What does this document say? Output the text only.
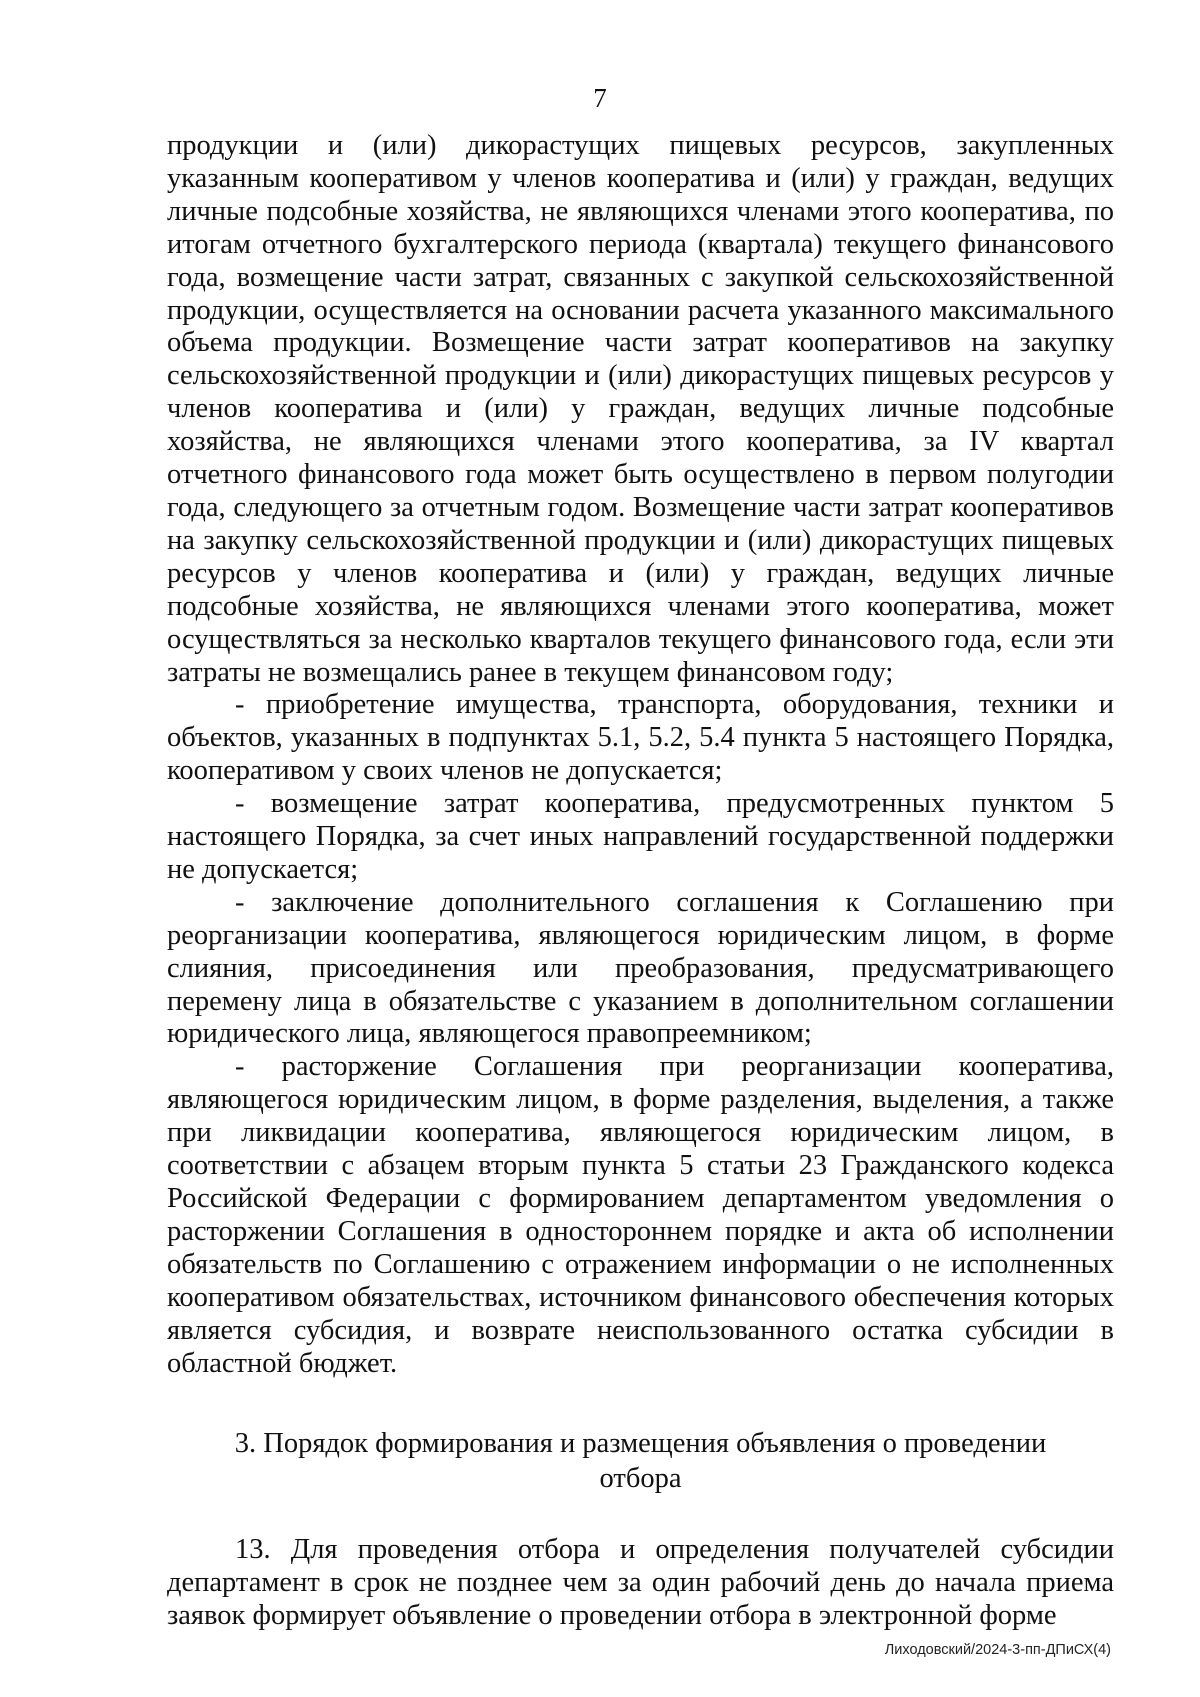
7

продукции и (или) дикорастущих пищевых ресурсов, закупленных указанным кооперативом у членов кооператива и (или) у граждан, ведущих личные подсобные хозяйства, не являющихся членами этого кооператива, по итогам отчетного бухгалтерского периода (квартала) текущего финансового года, возмещение части затрат, связанных с закупкой сельскохозяйственной продукции, осуществляется на основании расчета указанного максимального объема продукции. Возмещение части затрат кооперативов на закупку сельскохозяйственной продукции и (или) дикорастущих пищевых ресурсов у членов кооператива и (или) у граждан, ведущих личные подсобные хозяйства, не являющихся членами этого кооператива, за IV квартал отчетного финансового года может быть осуществлено в первом полугодии года, следующего за отчетным годом. Возмещение части затрат кооперативов на закупку сельскохозяйственной продукции и (или) дикорастущих пищевых ресурсов у членов кооператива и (или) у граждан, ведущих личные подсобные хозяйства, не являющихся членами этого кооператива, может осуществляться за несколько кварталов текущего финансового года, если эти затраты не возмещались ранее в текущем финансовом году;

- приобретение имущества, транспорта, оборудования, техники и объектов, указанных в подпунктах 5.1, 5.2, 5.4 пункта 5 настоящего Порядка, кооперативом у своих членов не допускается;

- возмещение затрат кооператива, предусмотренных пунктом 5 настоящего Порядка, за счет иных направлений государственной поддержки не допускается;

- заключение дополнительного соглашения к Соглашению при реорганизации кооператива, являющегося юридическим лицом, в форме слияния, присоединения или преобразования, предусматривающего перемену лица в обязательстве с указанием в дополнительном соглашении юридического лица, являющегося правопреемником;

- расторжение Соглашения при реорганизации кооператива, являющегося юридическим лицом, в форме разделения, выделения, а также при ликвидации кооператива, являющегося юридическим лицом, в соответствии с абзацем вторым пункта 5 статьи 23 Гражданского кодекса Российской Федерации с формированием департаментом уведомления о расторжении Соглашения в одностороннем порядке и акта об исполнении обязательств по Соглашению с отражением информации о не исполненных кооперативом обязательствах, источником финансового обеспечения которых является субсидия, и возврате неиспользованного остатка субсидии в областной бюджет.

3. Порядок формирования и размещения объявления о проведении отбора

13. Для проведения отбора и определения получателей субсидии департамент в срок не позднее чем за один рабочий день до начала приема заявок формирует объявление о проведении отбора в электронной форме

Лиходовский/2024-3-пп-ДПиСХ(4)
